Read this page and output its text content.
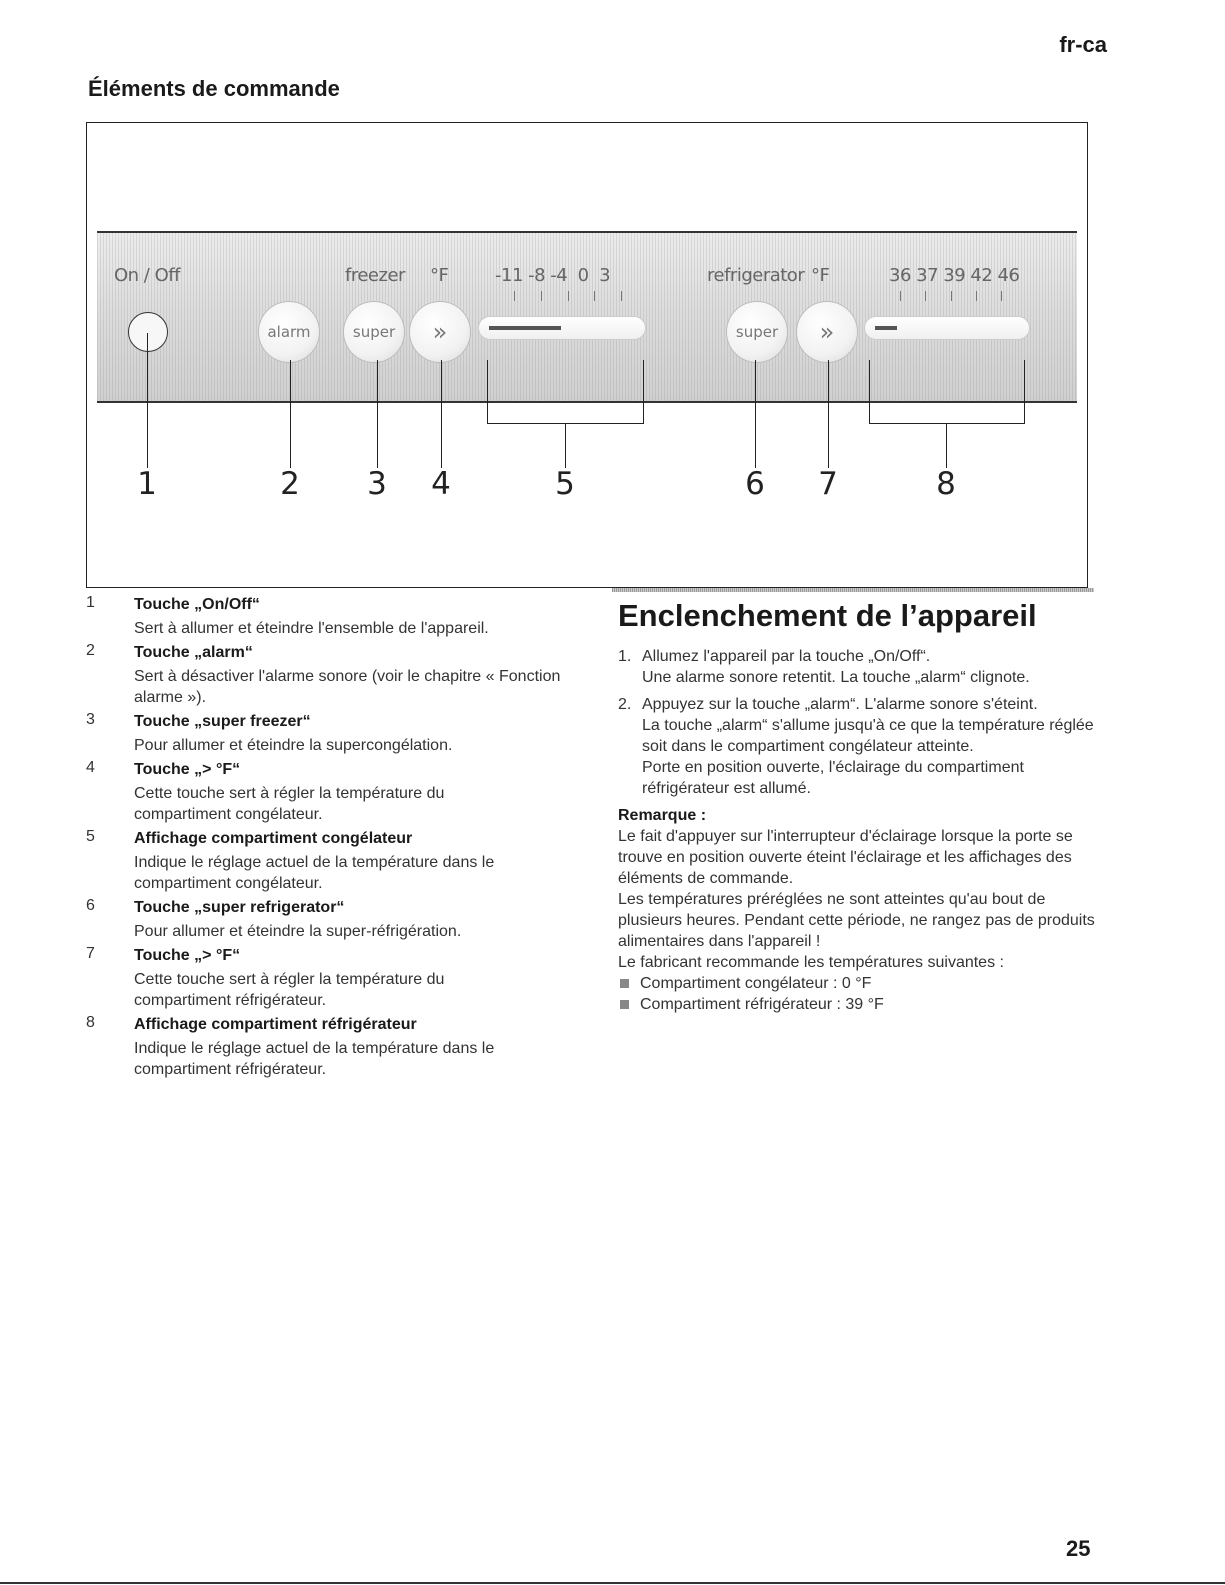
fr-ca
Éléments de commande
On / Off	freezer °F	-11 -8 -4  0  3	refrigerator °F	36 37 39 42 46
alarm	super	»	super	»
1	2	3	4	5	6	7	8
1 Touche „On/Off“
Sert à allumer et éteindre l'ensemble de l'appareil.
2 Touche „alarm“
Sert à désactiver l'alarme sonore (voir le chapitre « Fonction alarme »).
3 Touche „super freezer“
Pour allumer et éteindre la supercongélation.
4 Touche „> °F“
Cette touche sert à régler la température du compartiment congélateur.
5 Affichage compartiment congélateur
Indique le réglage actuel de la température dans le compartiment congélateur.
6 Touche „super refrigerator“
Pour allumer et éteindre la super-réfrigération.
7 Touche „> °F“
Cette touche sert à régler la température du compartiment réfrigérateur.
8 Affichage compartiment réfrigérateur
Indique le réglage actuel de la température dans le compartiment réfrigérateur.
Enclenchement de l’appareil
1. Allumez l'appareil par la touche „On/Off“.
Une alarme sonore retentit. La touche „alarm“ clignote.
2. Appuyez sur la touche „alarm“. L'alarme sonore s'éteint.
La touche „alarm“ s'allume jusqu'à ce que la température réglée soit dans le compartiment congélateur atteinte.
Porte en position ouverte, l'éclairage du compartiment réfrigérateur est allumé.
Remarque :
Le fait d'appuyer sur l'interrupteur d'éclairage lorsque la porte se trouve en position ouverte éteint l'éclairage et les affichages des éléments de commande.
Les températures préréglées ne sont atteintes qu'au bout de plusieurs heures. Pendant cette période, ne rangez pas de produits alimentaires dans l'appareil !
Le fabricant recommande les températures suivantes :
Compartiment congélateur : 0 °F
Compartiment réfrigérateur : 39 °F
25
